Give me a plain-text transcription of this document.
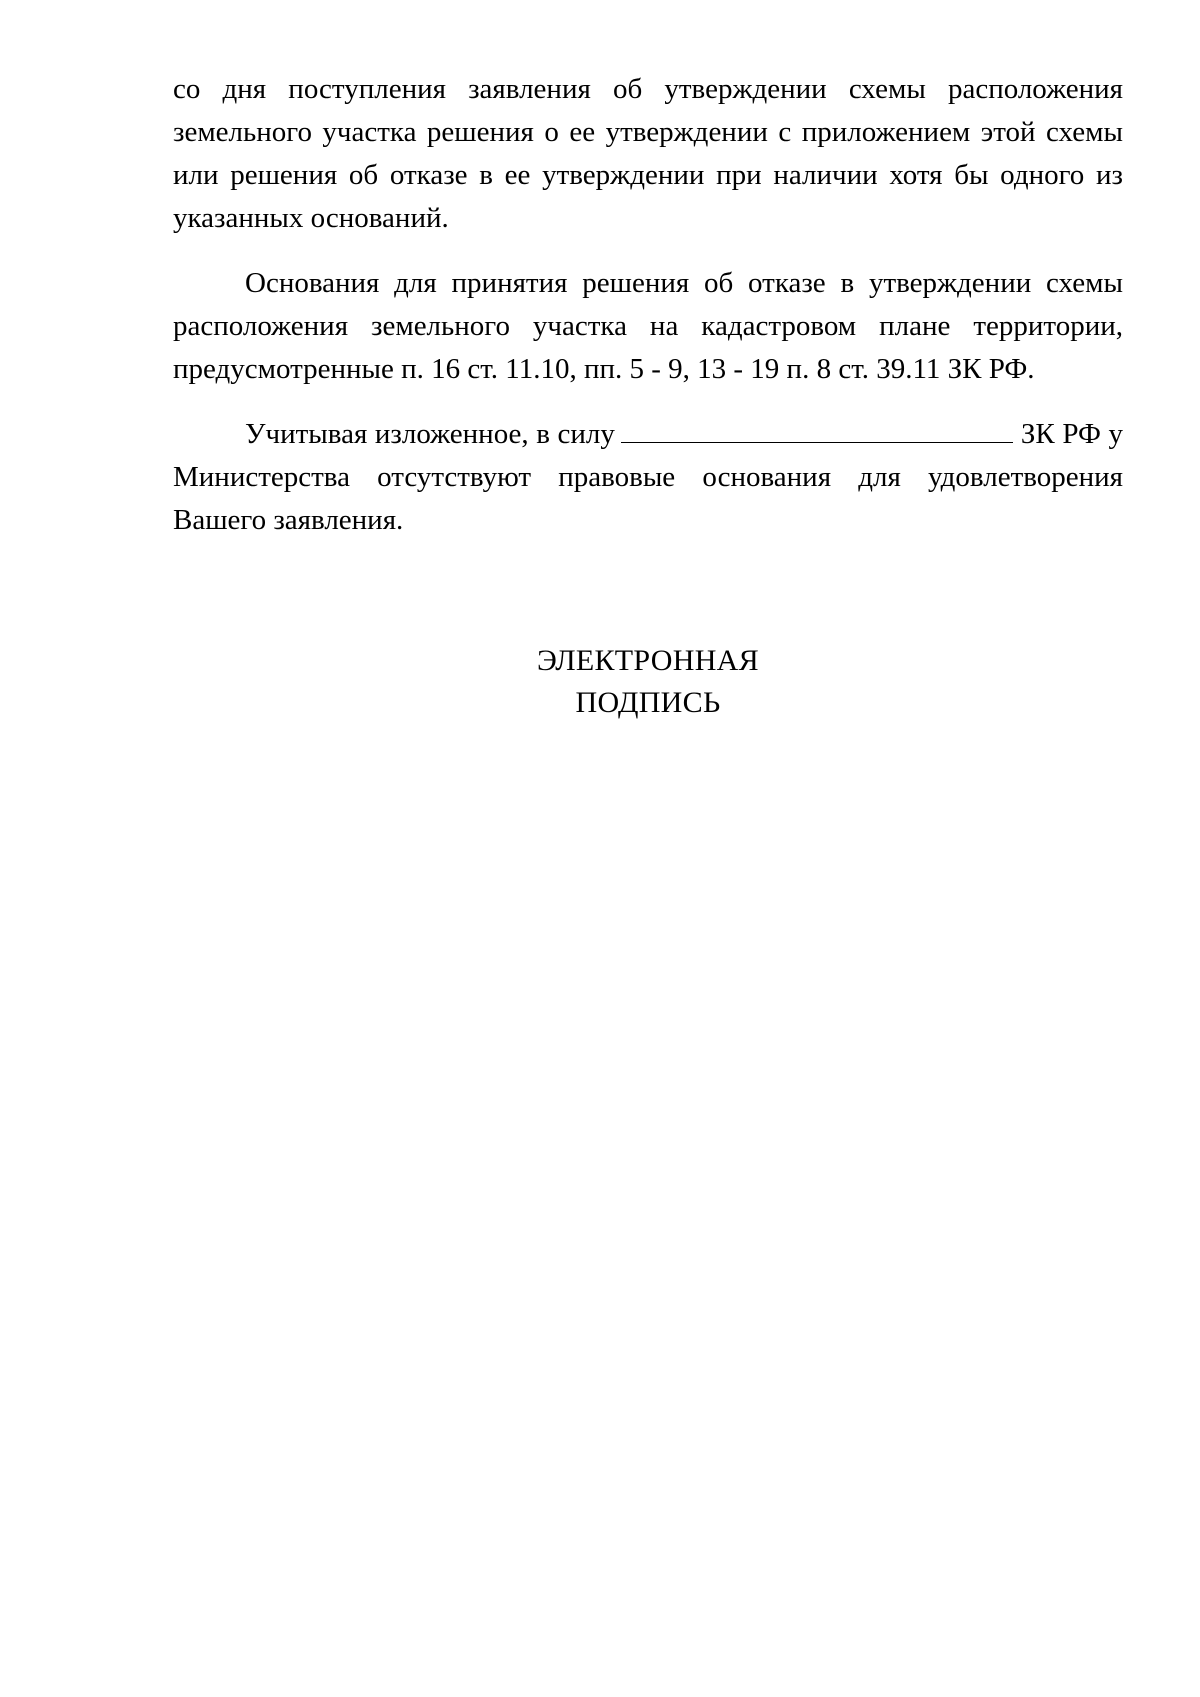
со дня поступления заявления об утверждении схемы расположения земельного участка решения о ее утверждении с приложением этой схемы или решения об отказе в ее утверждении при наличии хотя бы одного из указанных оснований.

Основания для принятия решения об отказе в утверждении схемы расположения земельного участка на кадастровом плане территории, предусмотренные п. 16 ст. 11.10, пп. 5 - 9, 13 - 19 п. 8 ст. 39.11 ЗК РФ.

Учитывая изложенное, в силу	ЗК РФ у Министерства отсутствуют правовые основания для удовлетворения Вашего заявления.

ЭЛЕКТРОННАЯ
ПОДПИСЬ
